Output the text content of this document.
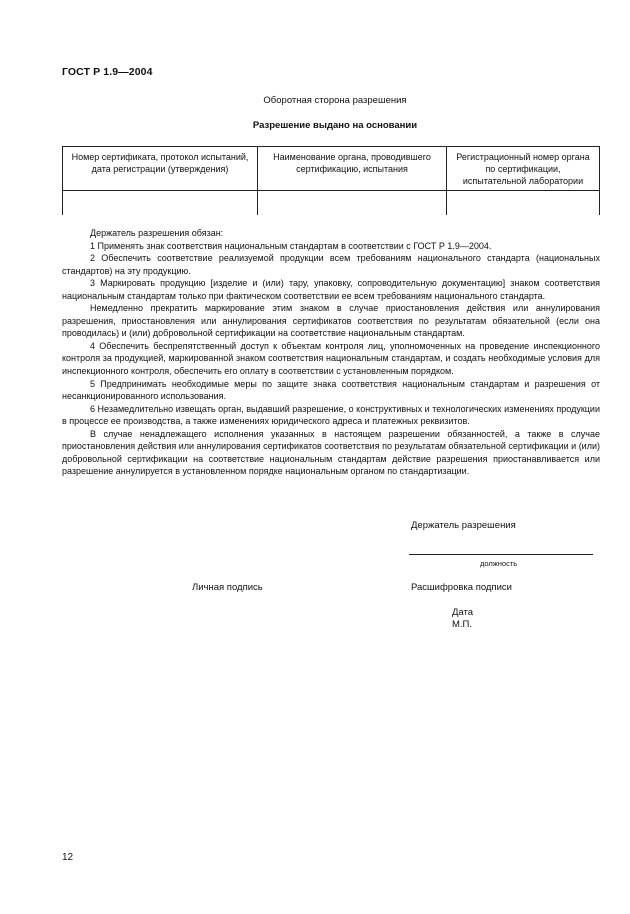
ГОСТ Р 1.9—2004
Оборотная сторона разрешения
Разрешение выдано на основании
Номер сертификата, протокол испытаний, дата регистрации (утверждения)	Наименование органа, проводившего сертификацию, испытания	Регистрационный номер органа по сертификации, испытательной лаборатории

Держатель разрешения обязан:

1 Применять знак соответствия национальным стандартам в соответствии с ГОСТ Р 1.9—2004.

2 Обеспечить соответствие реализуемой продукции всем требованиям национального стандарта (национальных стандартов) на эту продукцию.

3 Маркировать продукцию [изделие и (или) тару, упаковку, сопроводительную документацию] знаком соответствия национальным стандартам только при фактическом соответствии ее всем требованиям национального стандарта.

Немедленно прекратить маркирование этим знаком в случае приостановления действия или аннулирования разрешения, приостановления или аннулирования сертификатов соответствия по результатам обязательной (если она проводилась) и (или) добровольной сертификации на соответствие национальным стандартам.

4 Обеспечить беспрепятственный доступ к объектам контроля лиц, уполномоченных на проведение инспекционного контроля за продукцией, маркированной знаком соответствия национальным стандартам, и создать необходимые условия для инспекционного контроля, обеспечить его оплату в соответствии с установленным порядком.

5 Предпринимать необходимые меры по защите знака соответствия национальным стандартам и разрешения от несанкционированного использования.

6 Незамедлительно извещать орган, выдавший разрешение, о конструктивных и технологических изменениях продукции в процессе ее производства, а также изменениях юридического адреса и платежных реквизитов.

В случае ненадлежащего исполнения указанных в настоящем разрешении обязанностей, а также в случае приостановления действия или аннулирования сертификатов соответствия по результатам обязательной сертификации и (или) добровольной сертификации на соответствие национальным стандартам действие разрешения приостанавливается или разрешение аннулируется в установленном порядке национальным органом по стандартизации.

Держатель разрешения
должность
Личная подпись	Расшифровка подписи
Дата
М.П.
12
